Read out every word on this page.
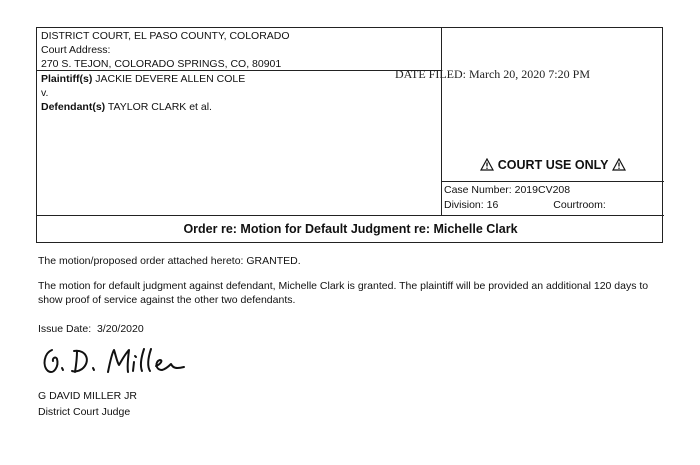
DISTRICT COURT, EL PASO COUNTY, COLORADO
Court Address:
270 S. TEJON, COLORADO SPRINGS, CO, 80901
Plaintiff(s) JACKIE DEVERE ALLEN COLE
v.
Defendant(s) TAYLOR CLARK et al.
DATE FILED: March 20, 2020 7:20 PM
COURT USE ONLY
Case Number:
2019CV208
Division:
16	Courtroom:
Order re: Motion for Default Judgment re: Michelle Clark
The motion/proposed order attached hereto: GRANTED.
The motion for default judgment against defendant, Michelle Clark is granted. The plaintiff will be provided an additional 120 days to show proof of service against the other two defendants.
Issue Date: 3/20/2020
G DAVID MILLER JR
District Court Judge
